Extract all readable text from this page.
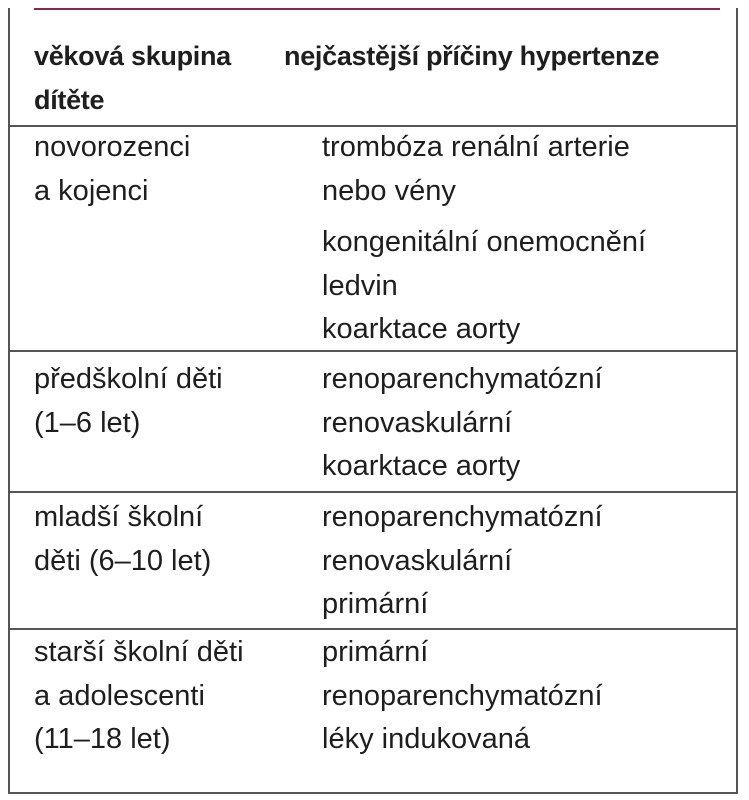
věková skupina
dítěte
nejčastější příčiny hypertenze
novorozenci
a kojenci
trombóza renální arterie
nebo vény
kongenitální onemocnění
ledvin
koarktace aorty
předškolní děti
(1–6 let)
renoparenchymatózní
renovaskulární
koarktace aorty
mladší školní
děti (6–10 let)
renoparenchymatózní
renovaskulární
primární
starší školní děti
a adolescenti
(11–18 let)
primární
renoparenchymatózní
léky indukovaná
